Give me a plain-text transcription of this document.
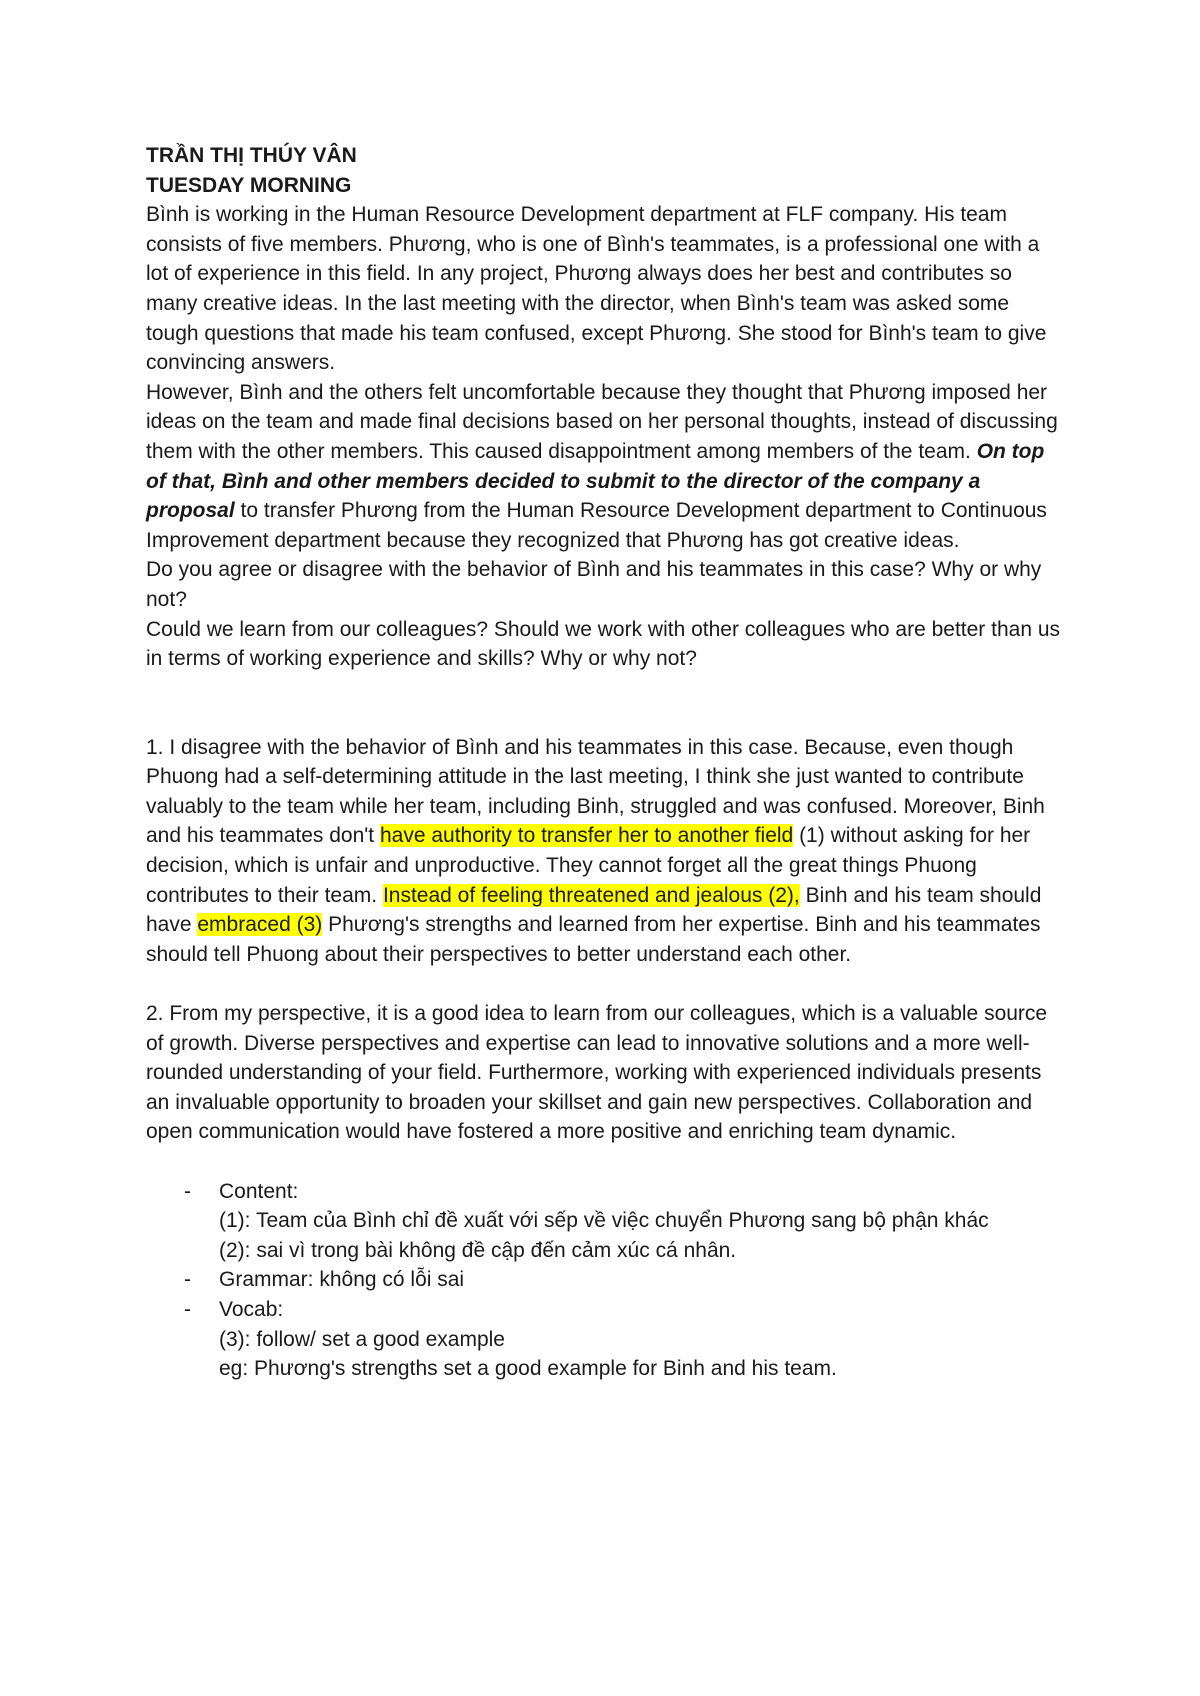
TRẦN THỊ THÚY VÂN

TUESDAY MORNING

Bình is working in the Human Resource Development department at FLF company. His team consists of five members. Phương, who is one of Bình's teammates, is a professional one with a lot of experience in this field. In any project, Phương always does her best and contributes so many creative ideas. In the last meeting with the director, when Bình's team was asked some tough questions that made his team confused, except Phương. She stood for Bình's team to give convincing answers.

However, Bình and the others felt uncomfortable because they thought that Phương imposed her ideas on the team and made final decisions based on her personal thoughts, instead of discussing them with the other members. This caused disappointment among members of the team. On top of that, Bình and other members decided to submit to the director of the company a proposal to transfer Phương from the Human Resource Development department to Continuous Improvement department because they recognized that Phương has got creative ideas.

Do you agree or disagree with the behavior of Bình and his teammates in this case? Why or why not?

Could we learn from our colleagues? Should we work with other colleagues who are better than us in terms of working experience and skills? Why or why not?

1. I disagree with the behavior of Bình and his teammates in this case. Because, even though Phuong had a self-determining attitude in the last meeting, I think she just wanted to contribute valuably to the team while her team, including Binh, struggled and was confused. Moreover, Binh and his teammates don't have authority to transfer her to another field (1) without asking for her decision, which is unfair and unproductive. They cannot forget all the great things Phuong contributes to their team. Instead of feeling threatened and jealous (2), Binh and his team should have embraced (3) Phương's strengths and learned from her expertise. Binh and his teammates should tell Phuong about their perspectives to better understand each other.

2. From my perspective, it is a good idea to learn from our colleagues, which is a valuable source of growth. Diverse perspectives and expertise can lead to innovative solutions and a more well-rounded understanding of your field. Furthermore, working with experienced individuals presents an invaluable opportunity to broaden your skillset and gain new perspectives. Collaboration and open communication would have fostered a more positive and enriching team dynamic.

- Content:
(1): Team của Bình chỉ đề xuất với sếp về việc chuyển Phương sang bộ phận khác
(2): sai vì trong bài không đề cập đến cảm xúc cá nhân.
- Grammar: không có lỗi sai
- Vocab:
(3): follow/ set a good example
eg: Phương's strengths set a good example for Binh and his team.
